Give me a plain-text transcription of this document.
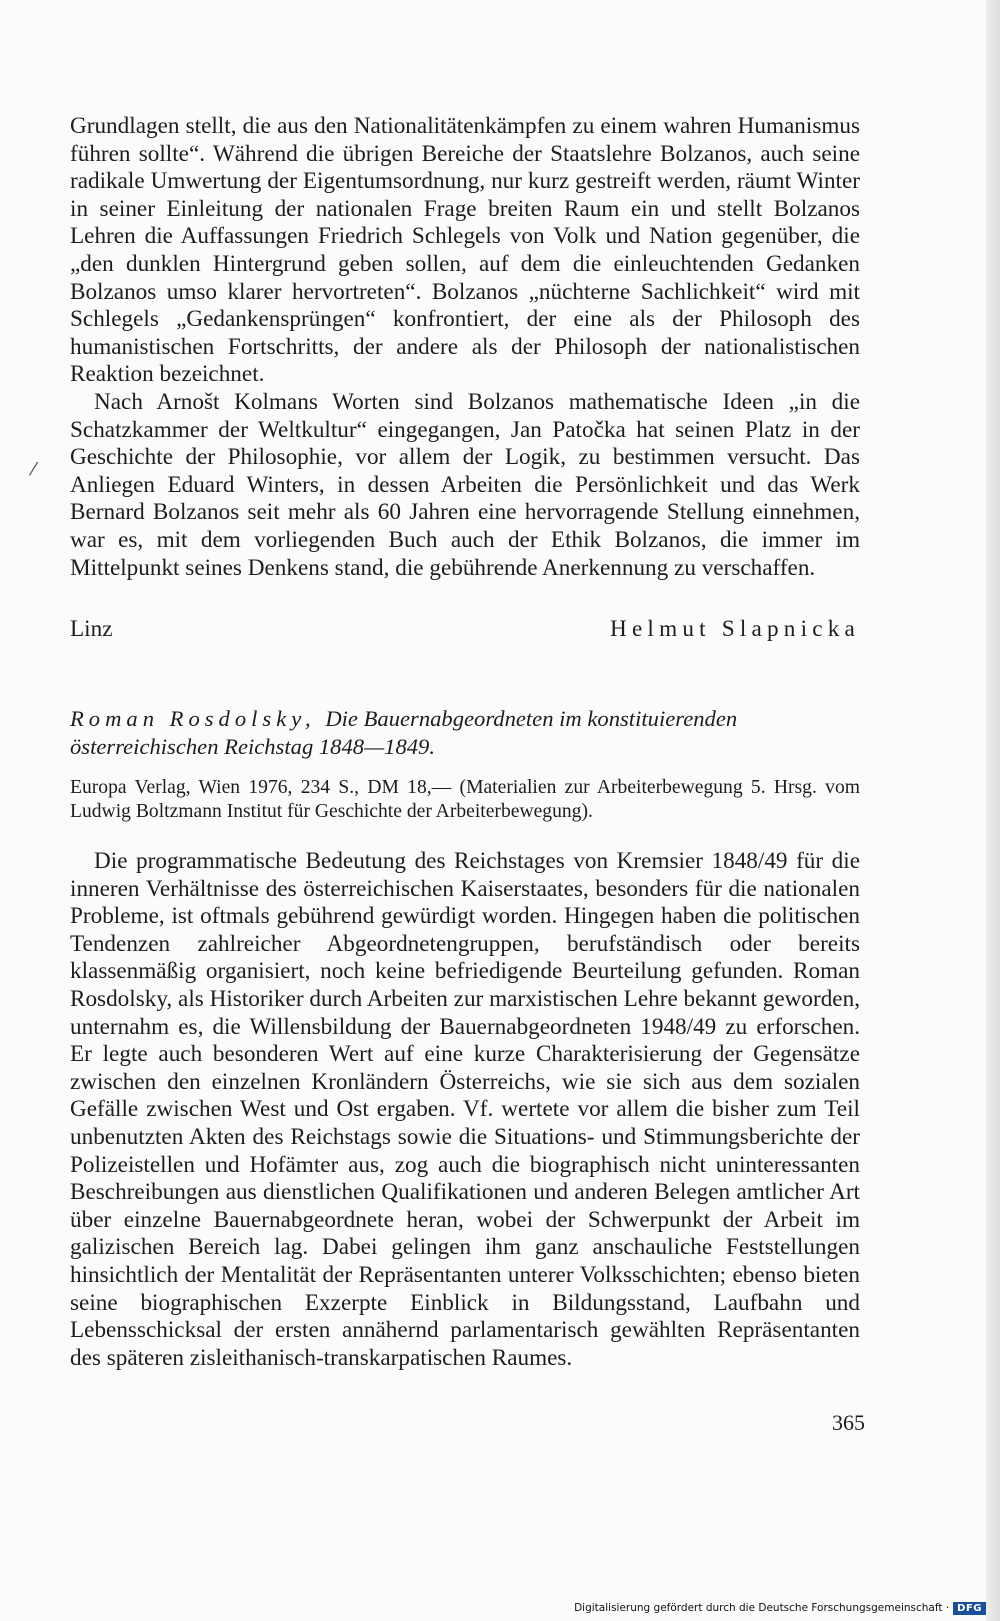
⁄

Grundlagen stellt, die aus den Nationalitätenkämpfen zu einem wahren Humanismus führen sollte“. Während die übrigen Bereiche der Staatslehre Bolzanos, auch seine radikale Umwertung der Eigentumsordnung, nur kurz gestreift werden, räumt Winter in seiner Einleitung der nationalen Frage breiten Raum ein und stellt Bolzanos Lehren die Auffassungen Friedrich Schlegels von Volk und Nation gegenüber, die „den dunklen Hintergrund geben sollen, auf dem die einleuchtenden Gedanken Bolzanos umso klarer hervortreten“. Bolzanos „nüchterne Sachlichkeit“ wird mit Schlegels „Gedankensprüngen“ konfrontiert, der eine als der Philosoph des humanistischen Fortschritts, der andere als der Philosoph der nationalistischen Reaktion bezeichnet.

Nach Arnošt Kolmans Worten sind Bolzanos mathematische Ideen „in die Schatzkammer der Weltkultur“ eingegangen, Jan Patočka hat seinen Platz in der Geschichte der Philosophie, vor allem der Logik, zu bestimmen versucht. Das Anliegen Eduard Winters, in dessen Arbeiten die Persönlichkeit und das Werk Bernard Bolzanos seit mehr als 60 Jahren eine hervorragende Stellung einnehmen, war es, mit dem vorliegenden Buch auch der Ethik Bolzanos, die immer im Mittelpunkt seines Denkens stand, die gebührende Anerkennung zu verschaffen.

Linz	Helmut Slapnicka
Roman Rosdolsky, Die Bauernabgeordneten im konstituierenden österreichischen Reichstag 1848—1849.
Europa Verlag, Wien 1976, 234 S., DM 18,— (Materialien zur Arbeiterbewegung 5. Hrsg. vom Ludwig Boltzmann Institut für Geschichte der Arbeiterbewegung).

Die programmatische Bedeutung des Reichstages von Kremsier 1848/49 für die inneren Verhältnisse des österreichischen Kaiserstaates, besonders für die nationalen Probleme, ist oftmals gebührend gewürdigt worden. Hingegen haben die politischen Tendenzen zahlreicher Abgeordnetengruppen, berufständisch oder bereits klassenmäßig organisiert, noch keine befriedigende Beurteilung gefunden. Roman Rosdolsky, als Historiker durch Arbeiten zur marxistischen Lehre bekannt geworden, unternahm es, die Willensbildung der Bauernabgeordneten 1948/49 zu erforschen. Er legte auch besonderen Wert auf eine kurze Charakterisierung der Gegensätze zwischen den einzelnen Kronländern Österreichs, wie sie sich aus dem sozialen Gefälle zwischen West und Ost ergaben. Vf. wertete vor allem die bisher zum Teil unbenutzten Akten des Reichstags sowie die Situations- und Stimmungsberichte der Polizeistellen und Hofämter aus, zog auch die biographisch nicht uninteressanten Beschreibungen aus dienstlichen Qualifikationen und anderen Belegen amtlicher Art über einzelne Bauernabgeordnete heran, wobei der Schwerpunkt der Arbeit im galizischen Bereich lag. Dabei gelingen ihm ganz anschauliche Feststellungen hinsichtlich der Mentalität der Repräsentanten unterer Volksschichten; ebenso bieten seine biographischen Exzerpte Einblick in Bildungsstand, Laufbahn und Lebensschicksal der ersten annähernd parlamentarisch gewählten Repräsentanten des späteren zisleithanisch-transkarpatischen Raumes.

365
Digitalisierung gefördert durch die Deutsche Forschungsgemeinschaft · DFG
